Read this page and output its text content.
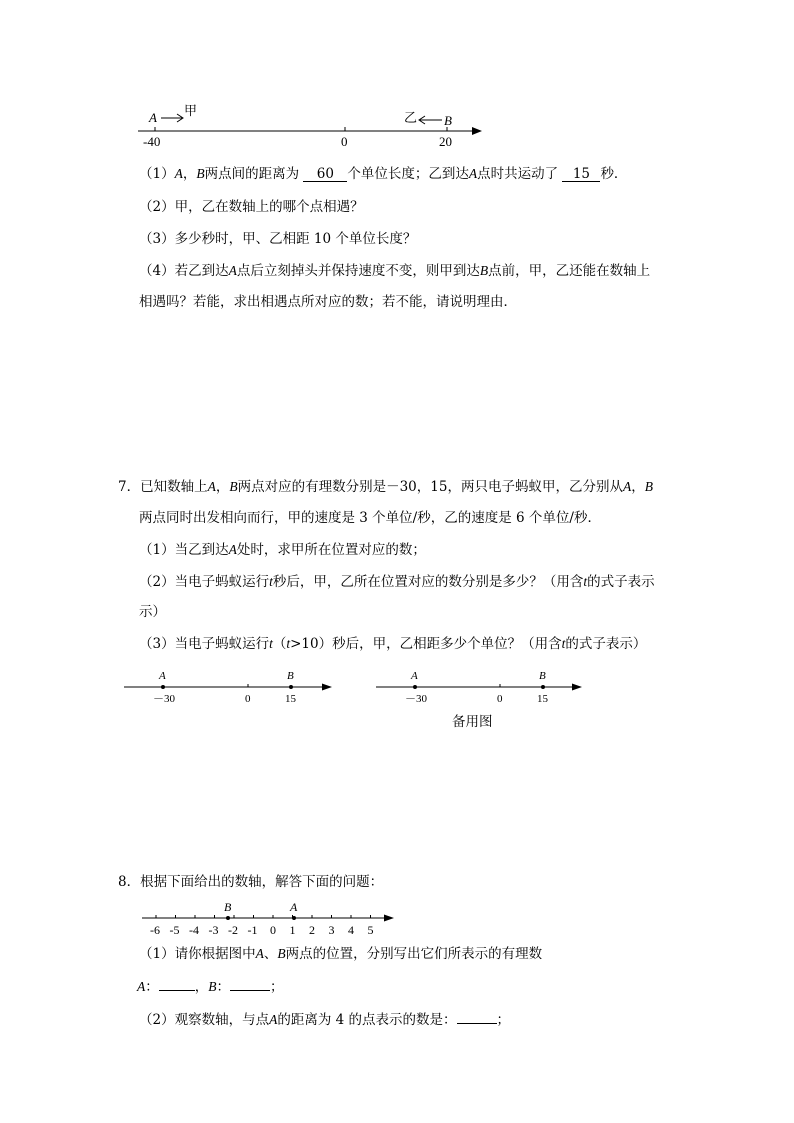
-40	0	20
A 甲	乙 B
（1）A，B两点间的距离为 60 个单位长度；乙到达A点时共运动了 15 秒．
（2）甲，乙在数轴上的哪个点相遇？
（3）多少秒时，甲、乙相距 10 个单位长度？
（4）若乙到达A点后立刻掉头并保持速度不变，则甲到达B点前，甲，乙还能在数轴上
相遇吗？若能，求出相遇点所对应的数；若不能，请说明理由．
7．已知数轴上A，B两点对应的有理数分别是－30，15，两只电子蚂蚁甲，乙分别从A，B
两点同时出发相向而行，甲的速度是 3 个单位/秒，乙的速度是 6 个单位/秒．
（1）当乙到达A处时，求甲所在位置对应的数；
（2）当电子蚂蚁运行t秒后，甲，乙所在位置对应的数分别是多少？（用含t的式子表示
示）
（3）当电子蚂蚁运行t（t>10）秒后，甲，乙相距多少个单位？（用含t的式子表示）
A	B
－30	0	15
A	B
－30	0	15
备用图
8．根据下面给出的数轴，解答下面的问题：
-6 -5 -4 -3 -2 -1 0 1 2 3 4 5
B	A
（1）请你根据图中A、B两点的位置，分别写出它们所表示的有理数
A：	，B：	；
（2）观察数轴，与点A的距离为 4 的点表示的数是：	；
